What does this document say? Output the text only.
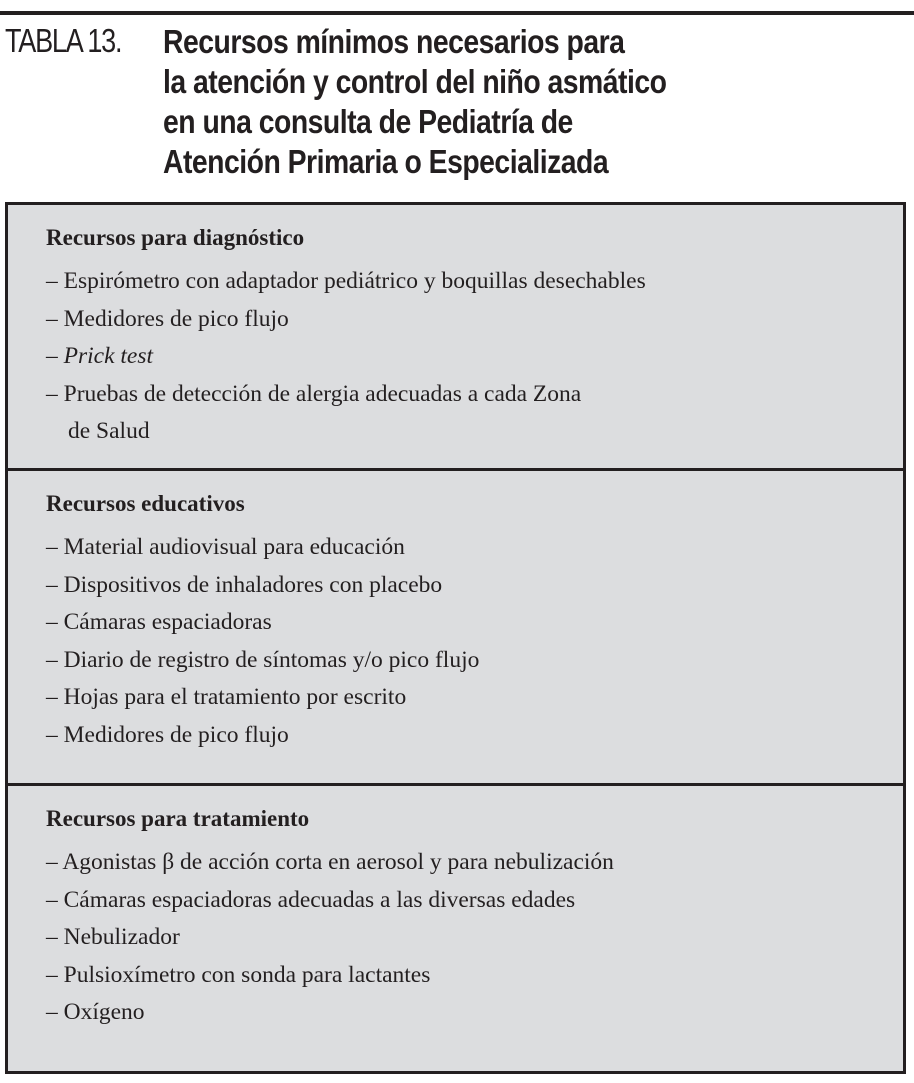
TABLA 13. Recursos mínimos necesarios para
la atención y control del niño asmático
en una consulta de Pediatría de
Atención Primaria o Especializada
Recursos para diagnóstico
– Espirómetro con adaptador pediátrico y boquillas desechables
– Medidores de pico flujo
– Prick test
– Pruebas de detección de alergia adecuadas a cada Zona
de Salud
Recursos educativos
– Material audiovisual para educación
– Dispositivos de inhaladores con placebo
– Cámaras espaciadoras
– Diario de registro de síntomas y/o pico flujo
– Hojas para el tratamiento por escrito
– Medidores de pico flujo
Recursos para tratamiento
– Agonistas β de acción corta en aerosol y para nebulización
– Cámaras espaciadoras adecuadas a las diversas edades
– Nebulizador
– Pulsioxímetro con sonda para lactantes
– Oxígeno
